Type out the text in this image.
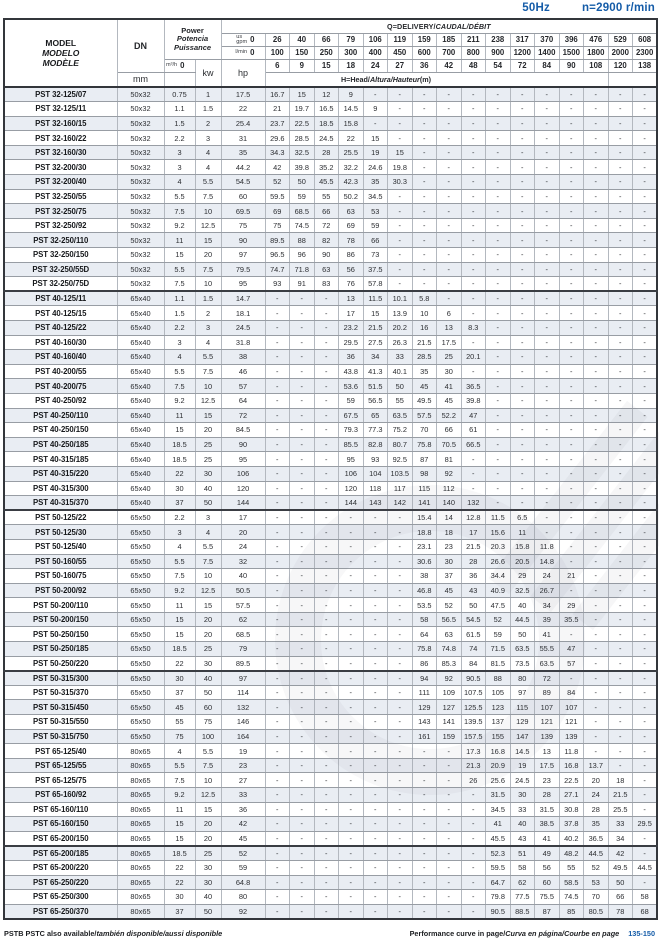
50Hz	n=2900 r/min
MODEL
MODELO
MODÈLE	DN	Power
Potencia
Puissance		Q=DELIVERY/CAUDAL/DÉBIT																

				us
gpm 0	26	40	66	79	106	119	159	185	211	238	317	370	396	476	529	608

				l/min 0	100	150	250	300	400	450	600	700	800	900	1200	1400	1500	1800	2000	2300

		m³/h 0	kw	hp	6	9	15	18	24	27	36	42	48	54	72	84	90	108	120	138
	mm	H=Head/Altura/Hauteur(m)																		
PST 32-125/07	50x32	0.75	1	17.5	16.7	15	12	9	-	-	-	-	-	-	-	-	-	-	-	-
PST 32-125/11	50x32	1.1	1.5	22	21	19.7	16.5	14.5	9	-	-	-	-	-	-	-	-	-	-	-
PST 32-160/15	50x32	1.5	2	25.4	23.7	22.5	18.5	15.8	-	-	-	-	-	-	-	-	-	-	-	-
PST 32-160/22	50x32	2.2	3	31	29.6	28.5	24.5	22	15	-	-	-	-	-	-	-	-	-	-	-
PST 32-160/30	50x32	3	4	35	34.3	32.5	28	25.5	19	15	-	-	-	-	-	-	-	-	-	-
PST 32-200/30	50x32	3	4	44.2	42	39.8	35.2	32.2	24.6	19.8	-	-	-	-	-	-	-	-	-	-
PST 32-200/40	50x32	4	5.5	54.5	52	50	45.5	42.3	35	30.3	-	-	-	-	-	-	-	-	-	-
PST 32-250/55	50x32	5.5	7.5	60	59.5	59	55	50.2	34.5	-	-	-	-	-	-	-	-	-	-	-
PST 32-250/75	50x32	7.5	10	69.5	69	68.5	66	63	53	-	-	-	-	-	-	-	-	-	-	-
PST 32-250/92	50x32	9.2	12.5	75	75	74.5	72	69	59	-	-	-	-	-	-	-	-	-	-	-
PST 32-250/110	50x32	11	15	90	89.5	88	82	78	66	-	-	-	-	-	-	-	-	-	-	-
PST 32-250/150	50x32	15	20	97	96.5	96	90	86	73	-	-	-	-	-	-	-	-	-	-	-
PST 32-250/55D	50x32	5.5	7.5	79.5	74.7	71.8	63	56	37.5	-	-	-	-	-	-	-	-	-	-	-
PST 32-250/75D	50x32	7.5	10	95	93	91	83	76	57.8	-	-	-	-	-	-	-	-	-	-	-
PST 40-125/11	65x40	1.1	1.5	14.7	-	-	-	13	11.5	10.1	5.8	-	-	-	-	-	-	-	-	-
PST 40-125/15	65x40	1.5	2	18.1	-	-	-	17	15	13.9	10	6	-	-	-	-	-	-	-	-
PST 40-125/22	65x40	2.2	3	24.5	-	-	-	23.2	21.5	20.2	16	13	8.3	-	-	-	-	-	-	-
PST 40-160/30	65x40	3	4	31.8	-	-	-	29.5	27.5	26.3	21.5	17.5	-	-	-	-	-	-	-	-
PST 40-160/40	65x40	4	5.5	38	-	-	-	36	34	33	28.5	25	20.1	-	-	-	-	-	-	-
PST 40-200/55	65x40	5.5	7.5	46	-	-	-	43.8	41.3	40.1	35	30	-	-	-	-	-	-	-	-
PST 40-200/75	65x40	7.5	10	57	-	-	-	53.6	51.5	50	45	41	36.5	-	-	-	-	-	-	-
PST 40-250/92	65x40	9.2	12.5	64	-	-	-	59	56.5	55	49.5	45	39.8	-	-	-	-	-	-	-
PST 40-250/110	65x40	11	15	72	-	-	-	67.5	65	63.5	57.5	52.2	47	-	-	-	-	-	-	-
PST 40-250/150	65x40	15	20	84.5	-	-	-	79.3	77.3	75.2	70	66	61	-	-	-	-	-	-	-
PST 40-250/185	65x40	18.5	25	90	-	-	-	85.5	82.8	80.7	75.8	70.5	66.5	-	-	-	-	-	-	-
PST 40-315/185	65x40	18.5	25	95	-	-	-	95	93	92.5	87	81	-	-	-	-	-	-	-	-
PST 40-315/220	65x40	22	30	106	-	-	-	106	104	103.5	98	92	-	-	-	-	-	-	-	-
PST 40-315/300	65x40	30	40	120	-	-	-	120	118	117	115	112	-	-	-	-	-	-	-	-
PST 40-315/370	65x40	37	50	144	-	-	-	144	143	142	141	140	132	-	-	-	-	-	-	-
PST 50-125/22	65x50	2.2	3	17	-	-	-	-	-	-	15.4	14	12.8	11.5	6.5	-	-	-	-	-
PST 50-125/30	65x50	3	4	20	-	-	-	-	-	-	18.8	18	17	15.6	11	-	-	-	-	-
PST 50-125/40	65x50	4	5.5	24	-	-	-	-	-	-	23.1	23	21.5	20.3	15.8	11.8	-	-	-	-
PST 50-160/55	65x50	5.5	7.5	32	-	-	-	-	-	-	30.6	30	28	26.6	20.5	14.8	-	-	-	-
PST 50-160/75	65x50	7.5	10	40	-	-	-	-	-	-	38	37	36	34.4	29	24	21	-	-	-
PST 50-200/92	65x50	9.2	12.5	50.5	-	-	-	-	-	-	46.8	45	43	40.9	32.5	26.7	-	-	-	-
PST 50-200/110	65x50	11	15	57.5	-	-	-	-	-	-	53.5	52	50	47.5	40	34	29	-	-	-
PST 50-200/150	65x50	15	20	62	-	-	-	-	-	-	58	56.5	54.5	52	44.5	39	35.5	-	-	-
PST 50-250/150	65x50	15	20	68.5	-	-	-	-	-	-	64	63	61.5	59	50	41	-	-	-	-
PST 50-250/185	65x50	18.5	25	79	-	-	-	-	-	-	75.8	74.8	74	71.5	63.5	55.5	47	-	-	-
PST 50-250/220	65x50	22	30	89.5	-	-	-	-	-	-	86	85.3	84	81.5	73.5	63.5	57	-	-	-
PST 50-315/300	65x50	30	40	97	-	-	-	-	-	-	94	92	90.5	88	80	72	-	-	-	-
PST 50-315/370	65x50	37	50	114	-	-	-	-	-	-	111	109	107.5	105	97	89	84	-	-	-
PST 50-315/450	65x50	45	60	132	-	-	-	-	-	-	129	127	125.5	123	115	107	107	-	-	-
PST 50-315/550	65x50	55	75	146	-	-	-	-	-	-	143	141	139.5	137	129	121	121	-	-	-
PST 50-315/750	65x50	75	100	164	-	-	-	-	-	-	161	159	157.5	155	147	139	139	-	-	-
PST 65-125/40	80x65	4	5.5	19	-	-	-	-	-	-	-	-	17.3	16.8	14.5	13	11.8	-	-	-
PST 65-125/55	80x65	5.5	7.5	23	-	-	-	-	-	-	-	-	21.3	20.9	19	17.5	16.8	13.7	-	-
PST 65-125/75	80x65	7.5	10	27	-	-	-	-	-	-	-	-	26	25.6	24.5	23	22.5	20	18	-
PST 65-160/92	80x65	9.2	12.5	33	-	-	-	-	-	-	-	-	-	31.5	30	28	27.1	24	21.5	-
PST 65-160/110	80x65	11	15	36	-	-	-	-	-	-	-	-	-	34.5	33	31.5	30.8	28	25.5	-
PST 65-160/150	80x65	15	20	42	-	-	-	-	-	-	-	-	-	41	40	38.5	37.8	35	33	29.5
PST 65-200/150	80x65	15	20	45	-	-	-	-	-	-	-	-	-	45.5	43	41	40.2	36.5	34	-
PST 65-200/185	80x65	18.5	25	52	-	-	-	-	-	-	-	-	-	52.3	51	49	48.2	44.5	42	-
PST 65-200/220	80x65	22	30	59	-	-	-	-	-	-	-	-	-	59.5	58	56	55	52	49.5	44.5
PST 65-250/220	80x65	22	30	64.8	-	-	-	-	-	-	-	-	-	64.7	62	60	58.5	53	50	-
PST 65-250/300	80x65	30	40	80	-	-	-	-	-	-	-	-	-	79.8	77.5	75.5	74.5	70	66	58
PST 65-250/370	80x65	37	50	92	-	-	-	-	-	-	-	-	-	90.5	88.5	87	85	80.5	78	68
PSTB PSTC also available/también disponible/aussi disponible	Performance curve in page/Curva en página/Courbe en page 135-150
